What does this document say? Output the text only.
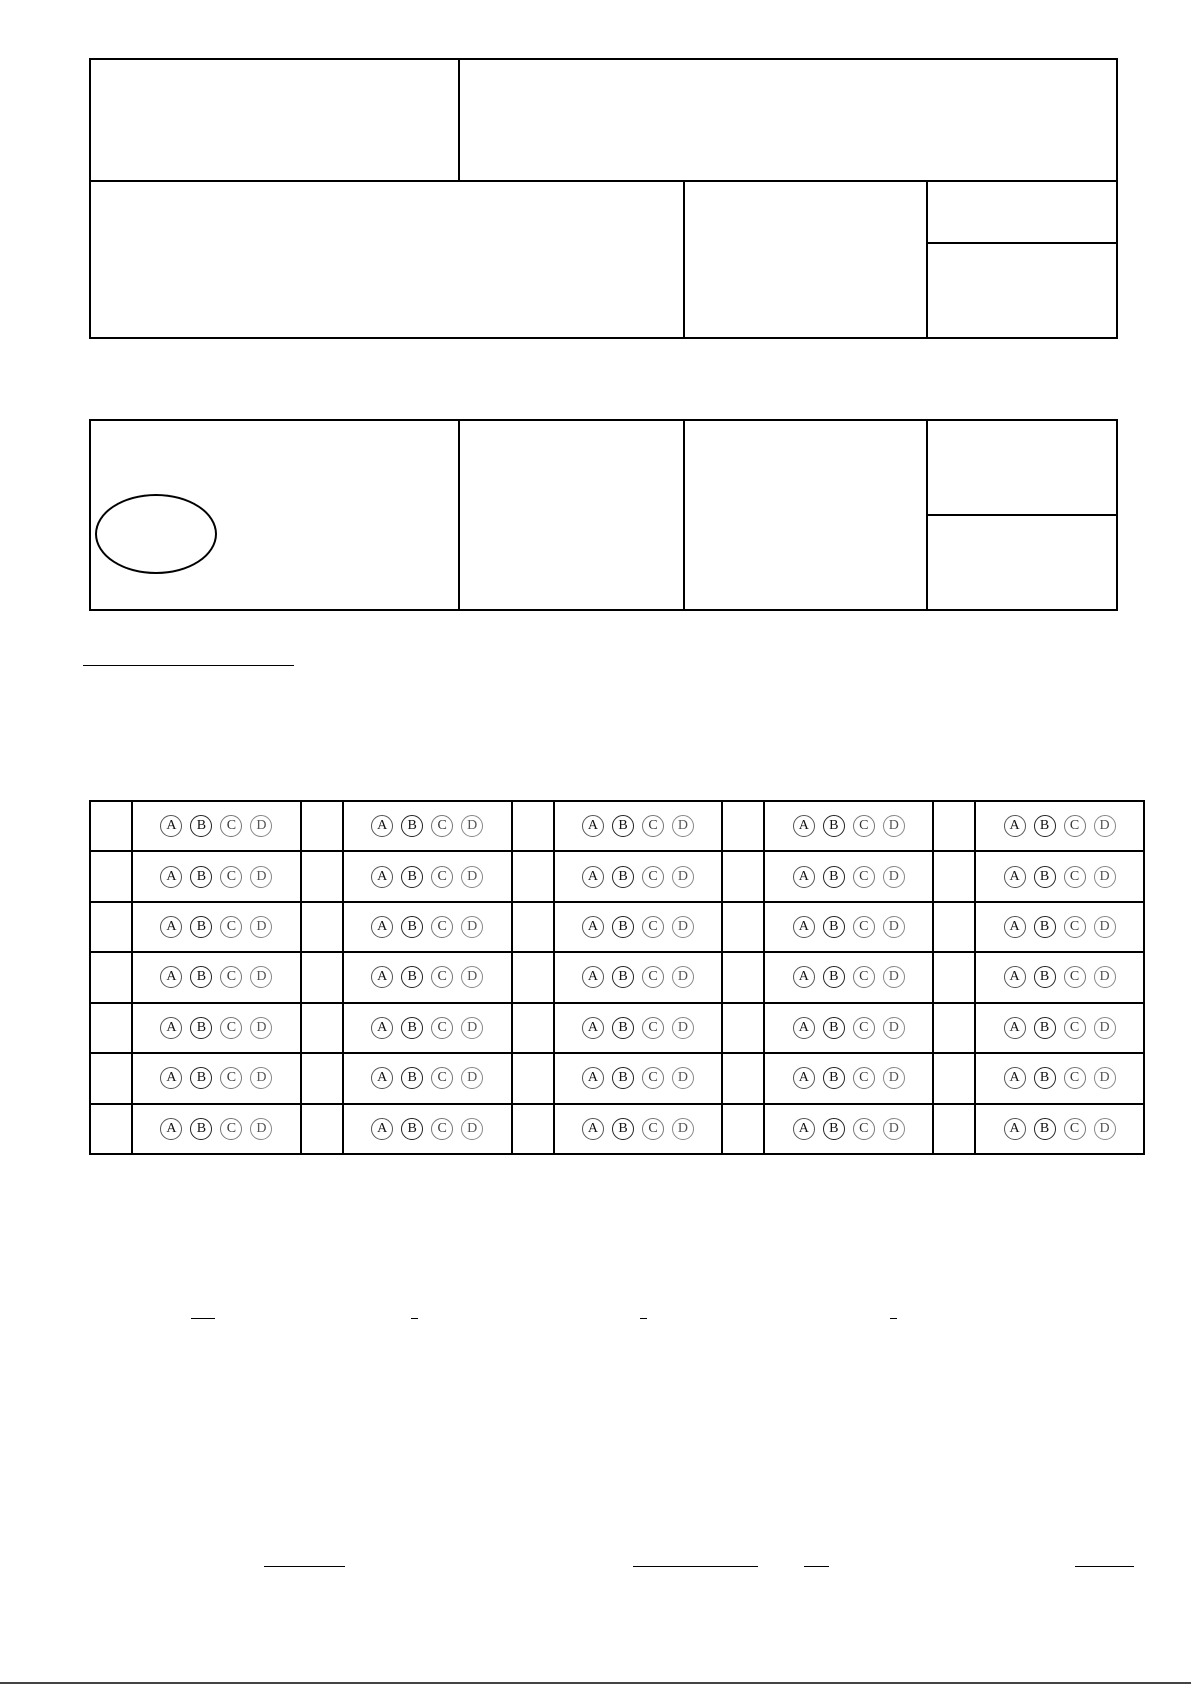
	A B C D		A B C D		A B C D		A B C D		A B C D
	A B C D		A B C D		A B C D		A B C D		A B C D
	A B C D		A B C D		A B C D		A B C D		A B C D
	A B C D		A B C D		A B C D		A B C D		A B C D
	A B C D		A B C D		A B C D		A B C D		A B C D
	A B C D		A B C D		A B C D		A B C D		A B C D
	A B C D		A B C D		A B C D		A B C D		A B C D
